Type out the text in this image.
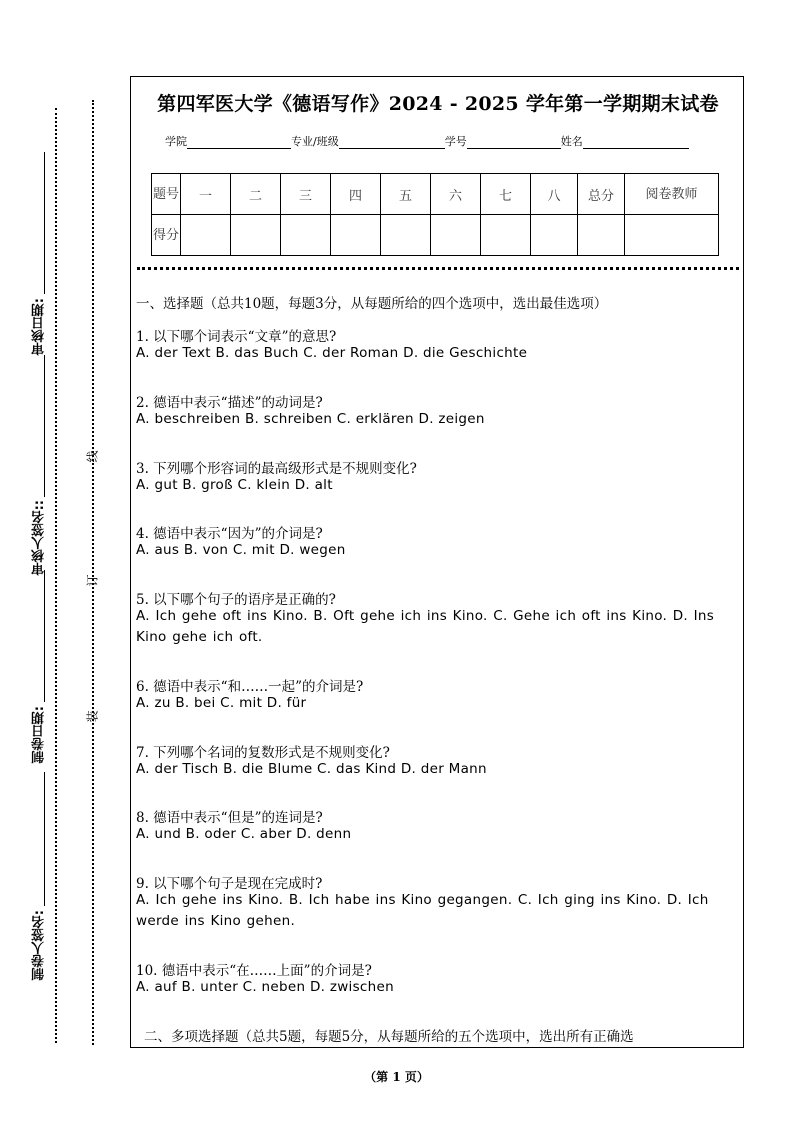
审核日期:
审核人签名::
制卷日期:
制卷人签名:
线
订
装
第四军医大学《德语写作》2024 - 2025 学年第一学期期末试卷
学院	专业/班级	学号	姓名
题号	一	二	三	四	五	六	七	八	总分	阅卷教师
得分										
一、选择题（总共10题，每题3分，从每题所给的四个选项中，选出最佳选项）
1. 以下哪个词表示“文章”的意思?
A. der Text B. das Buch C. der Roman D. die Geschichte
2. 德语中表示“描述”的动词是?
A. beschreiben B. schreiben C. erklären D. zeigen
3. 下列哪个形容词的最高级形式是不规则变化?
A. gut B. groß C. klein D. alt
4. 德语中表示“因为”的介词是?
A. aus B. von C. mit D. wegen
5. 以下哪个句子的语序是正确的?
A. Ich gehe oft ins Kino. B. Oft gehe ich ins Kino. C. Gehe ich oft ins Kino. D. Ins Kino gehe ich oft.
6. 德语中表示“和……一起”的介词是?
A. zu B. bei C. mit D. für
7. 下列哪个名词的复数形式是不规则变化?
A. der Tisch B. die Blume C. das Kind D. der Mann
8. 德语中表示“但是”的连词是?
A. und B. oder C. aber D. denn
9. 以下哪个句子是现在完成时?
A. Ich gehe ins Kino. B. Ich habe ins Kino gegangen. C. Ich ging ins Kino. D. Ich werde ins Kino gehen.
10. 德语中表示“在……上面”的介词是?
A. auf B. unter C. neben D. zwischen
二、多项选择题（总共5题，每题5分，从每题所给的五个选项中，选出所有正确选
（第 1 页）
